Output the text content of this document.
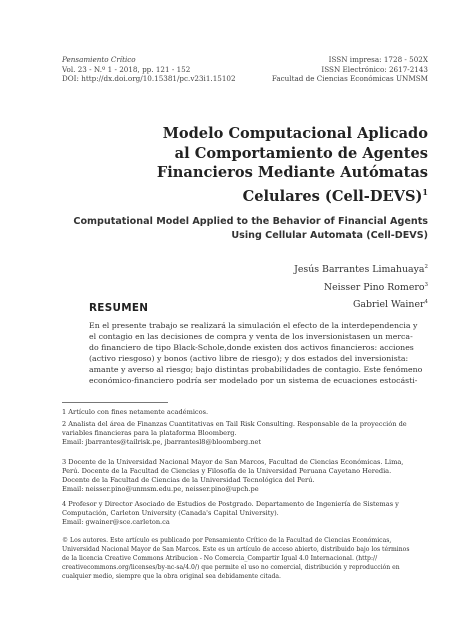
Pensamiento Crítico
Vol. 23 - N.º 1 - 2018, pp. 121 - 152
DOI: http://dx.doi.org/10.15381/pc.v23i1.15102
ISSN impresa: 1728 - 502X
ISSN Electrónico: 2617-2143
Facultad de Ciencias Económicas UNMSM
Modelo Computacional Aplicado
al Comportamiento de Agentes
Financieros Mediante Autómatas
Celulares (Cell-DEVS)$^1$
Computational Model Applied to the Behavior of Financial Agents
Using Cellular Automata (Cell-DEVS)
Jesús Barrantes Limahuaya$^2$
Neisser Pino Romero$^3$
Gabriel Wainer$^4$
RESUMEN
En el presente trabajo se realizará la simulación el efecto de la interdependencia y
el contagio en las decisiones de compra y venta de los inversionistasen un merca-
do financiero de tipo Black-Schole,donde existen dos activos financieros: acciones
(activo riesgoso) y bonos (activo libre de riesgo); y dos estados del inversionista:
amante y averso al riesgo; bajo distintas probabilidades de contagio. Este fenómeno
económico-financiero podría ser modelado por un sistema de ecuaciones estocásti-
1 Artículo con fines netamente académicos.
2 Analista del área de Finanzas Cuantitativas en Tail Risk Consulting. Responsable de la proyección de
variables financieras para la plataforma Bloomberg.
Email: jbarrantes@tailrisk.pe, jbarrantesl8@bloomberg.net
3 Docente de la Universidad Nacional Mayor de San Marcos, Facultad de Ciencias Económicas. Lima,
Perú. Docente de la Facultad de Ciencias y Filosofía de la Universidad Peruana Cayetano Heredia.
Docente de la Facultad de Ciencias de la Universidad Tecnológica del Perú.
Email: neisser.pino@unmsm.edu.pe, neisser.pino@upch.pe
4 Profesor y Director Asociado de Estudios de Postgrado. Departamento de Ingeniería de Sistemas y
Computación, Carleton University (Canada's Capital University).
Email: gwainer@sce.carleton.ca
© Los autores. Este artículo es publicado por Pensamiento Crítico de la Facultad de Ciencias Económicas,
Universidad Nacional Mayor de San Marcos. Este es un artículo de acceso abierto, distribuido bajo los términos
de la licencia Creative Commons Atribucion - No Comercia_Compartir Igual 4.0 Internacional. (http://
creativecommons.org/licenses/by-nc-sa/4.0/) que permite el uso no comercial, distribución y reproducción en
cualquier medio, siempre que la obra original sea debidamente citada.
